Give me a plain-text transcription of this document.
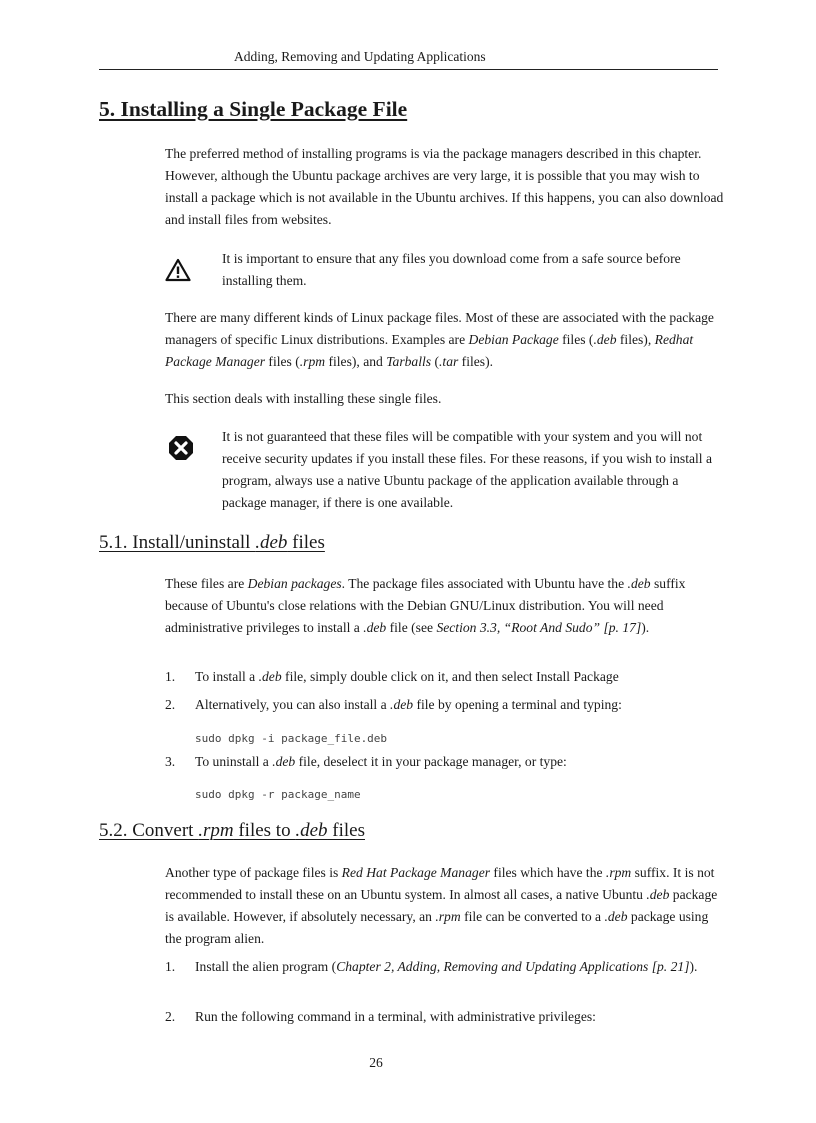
Adding, Removing and Updating Applications
5. Installing a Single Package File

The preferred method of installing programs is via the package managers described in this chapter. However, although the Ubuntu package archives are very large, it is possible that you may wish to install a package which is not available in the Ubuntu archives. If this happens, you can also download and install files from websites.

It is important to ensure that any files you download come from a safe source before installing them.

There are many different kinds of Linux package files. Most of these are associated with the package managers of specific Linux distributions. Examples are Debian Package files (.deb files), Redhat Package Manager files (.rpm files), and Tarballs (.tar files).

This section deals with installing these single files.

It is not guaranteed that these files will be compatible with your system and you will not receive security updates if you install these files. For these reasons, if you wish to install a program, always use a native Ubuntu package of the application available through a package manager, if there is one available.

5.1. Install/uninstall .deb files

These files are Debian packages. The package files associated with Ubuntu have the .deb suffix because of Ubuntu's close relations with the Debian GNU/Linux distribution. You will need administrative privileges to install a .deb file (see Section 3.3, “Root And Sudo” [p. 17]).

1. To install a .deb file, simply double click on it, and then select Install Package

2. Alternatively, you can also install a .deb file by opening a terminal and typing:

sudo dpkg -i package_file.deb
3. To uninstall a .deb file, deselect it in your package manager, or type:

sudo dpkg -r package_name
5.2. Convert .rpm files to .deb files

Another type of package files is Red Hat Package Manager files which have the .rpm suffix. It is not recommended to install these on an Ubuntu system. In almost all cases, a native Ubuntu .deb package is available. However, if absolutely necessary, an .rpm file can be converted to a .deb package using the program alien.

1. Install the alien program (Chapter 2, Adding, Removing and Updating Applications [p. 21]).

2. Run the following command in a terminal, with administrative privileges:

26
